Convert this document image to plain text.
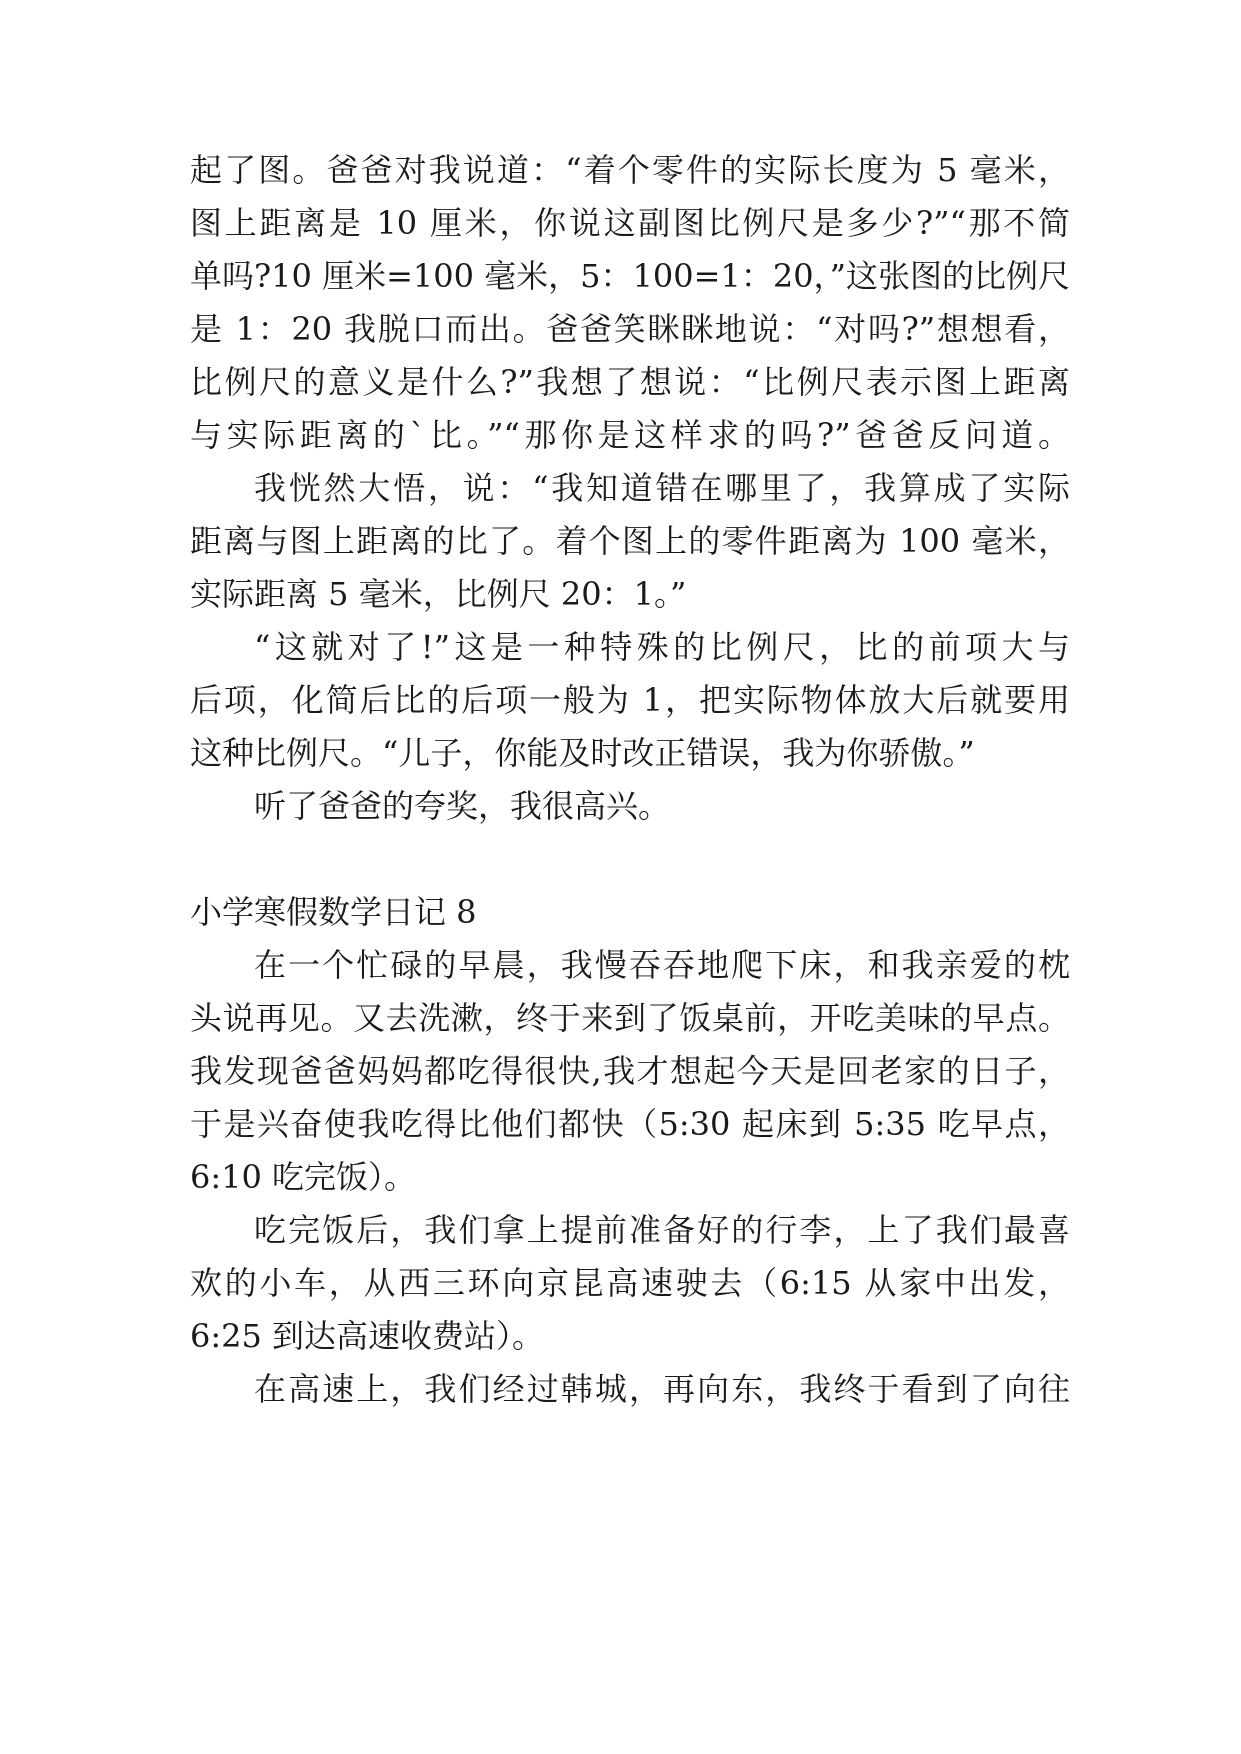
起了图。爸爸对我说道：“着个零件的实际长度为 5 毫米，
图上距离是 10 厘米，你说这副图比例尺是多少?”“那不简
单吗?10 厘米=100 毫米，5：100=1：20，”这张图的比例尺
是 1：20 我脱口而出。爸爸笑眯眯地说：“对吗?”想想看，
比例尺的意义是什么?”我想了想说：“比例尺表示图上距离
与实际距离的`比。”“那你是这样求的吗?”爸爸反问道。
我恍然大悟，说：“我知道错在哪里了，我算成了实际
距离与图上距离的比了。着个图上的零件距离为 100 毫米，
实际距离 5 毫米，比例尺 20：1。”
“这就对了!”这是一种特殊的比例尺，比的前项大与
后项，化简后比的后项一般为 1，把实际物体放大后就要用
这种比例尺。“儿子，你能及时改正错误，我为你骄傲。”
听了爸爸的夸奖，我很高兴。
小学寒假数学日记 8
在一个忙碌的早晨，我慢吞吞地爬下床，和我亲爱的枕
头说再见。又去洗漱，终于来到了饭桌前，开吃美味的早点。
我发现爸爸妈妈都吃得很快,我才想起今天是回老家的日子，
于是兴奋使我吃得比他们都快（5:30 起床到 5:35 吃早点，
6:10 吃完饭）。
吃完饭后，我们拿上提前准备好的行李，上了我们最喜
欢的小车，从西三环向京昆高速驶去（6:15 从家中出发，
6:25 到达高速收费站）。
在高速上，我们经过韩城，再向东，我终于看到了向往
